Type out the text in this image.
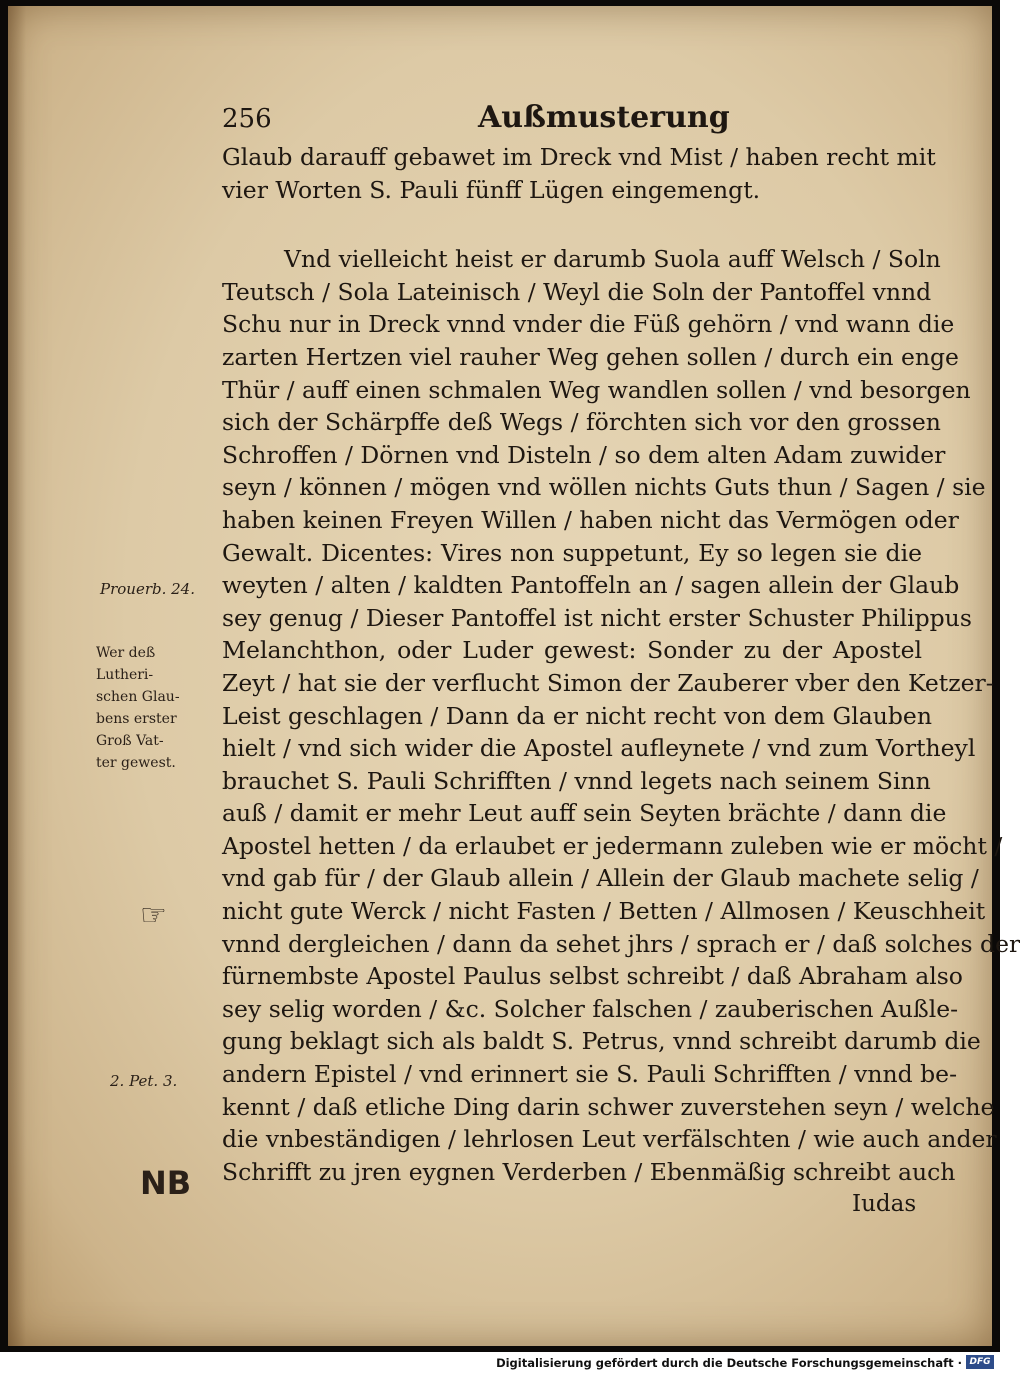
256	Außmusterung
Glaub darauff gebawet im Dreck vnd Mist / haben recht mit
vier Worten S. Pauli fünff Lügen eingemengt.
Vnd vielleicht heist er darumb Suola auff Welsch / Soln
Teutsch / Sola Lateinisch / Weyl die Soln der Pantoffel vnnd
Schu nur in Dreck vnnd vnder die Füß gehörn / vnd wann die
zarten Hertzen viel rauher Weg gehen sollen / durch ein enge
Thür / auff einen schmalen Weg wandlen sollen / vnd besorgen
sich der Schärpffe deß Wegs / förchten sich vor den grossen
Schroffen / Dörnen vnd Disteln / so dem alten Adam zuwider
seyn / können / mögen vnd wöllen nichts Guts thun / Sagen / sie
haben keinen Freyen Willen / haben nicht das Vermögen oder
Gewalt. Dicentes: Vires non suppetunt, Ey so legen sie die
weyten / alten / kaldten Pantoffeln an / sagen allein der Glaub
sey genug / Dieser Pantoffel ist nicht erster Schuster Philippus
Melanchthon, oder Luder gewest: Sonder zu der Apostel
Zeyt / hat sie der verflucht Simon der Zauberer vber den Ketzer-
Leist geschlagen / Dann da er nicht recht von dem Glauben
hielt / vnd sich wider die Apostel aufleynete / vnd zum Vortheyl
brauchet S. Pauli Schrifften / vnnd legets nach seinem Sinn
auß / damit er mehr Leut auff sein Seyten brächte / dann die
Apostel hetten / da erlaubet er jedermann zuleben wie er möcht /
vnd gab für / der Glaub allein / Allein der Glaub machete selig /
nicht gute Werck / nicht Fasten / Betten / Allmosen / Keuschheit
vnnd dergleichen / dann da sehet jhrs / sprach er / daß solches der
fürnembste Apostel Paulus selbst schreibt / daß Abraham also
sey selig worden / &c. Solcher falschen / zauberischen Außle-
gung beklagt sich als baldt S. Petrus, vnnd schreibt darumb die
andern Epistel / vnd erinnert sie S. Pauli Schrifften / vnnd be-
kennt / daß etliche Ding darin schwer zuverstehen seyn / welche
die vnbeständigen / lehrlosen Leut verfälschten / wie auch ander
Schrifft zu jren eygnen Verderben / Ebenmäßig schreibt auch
Iudas
Prouerb. 24.
Wer deß
Lutheri-
schen Glau-
bens erster
Groß Vat-
ter gewest.
☞
2. Pet. 3.
NB
Digitalisierung gefördert durch die Deutsche Forschungsgemeinschaft · DFG
